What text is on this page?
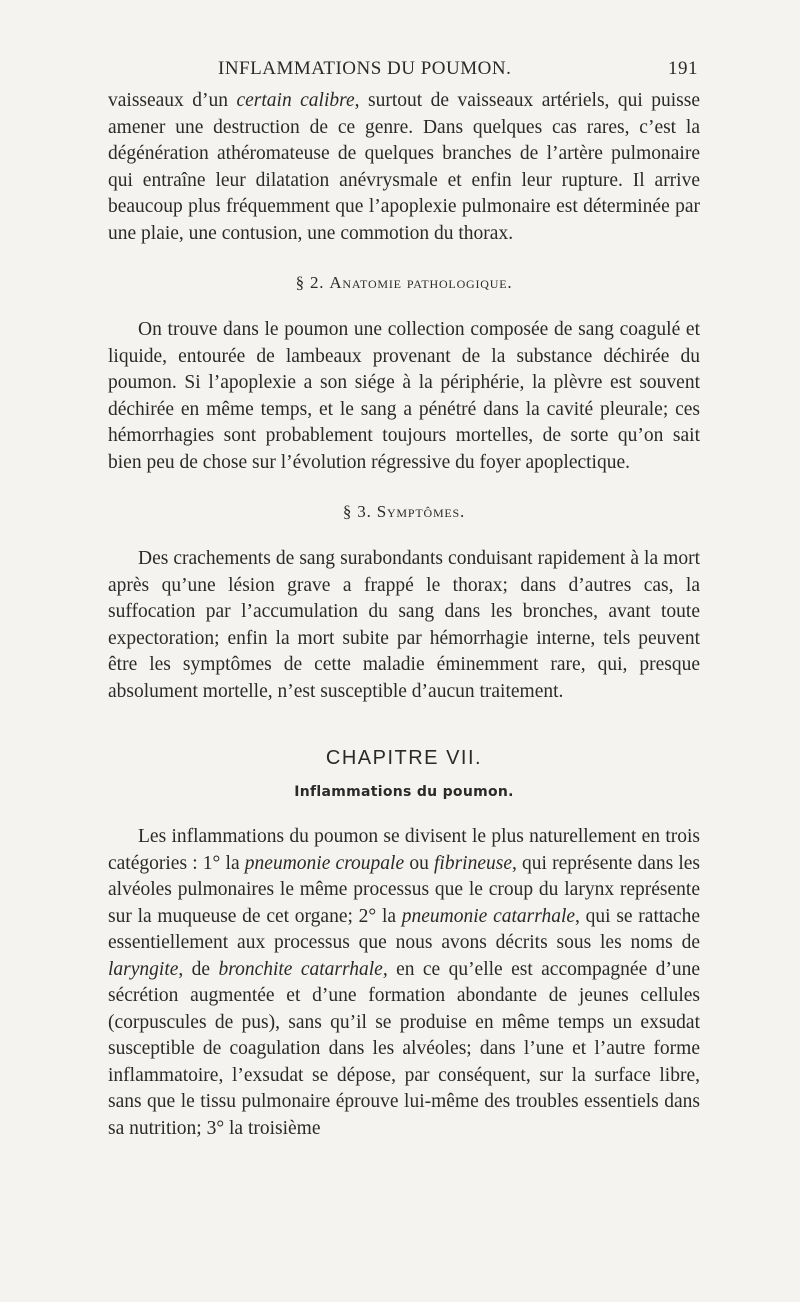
INFLAMMATIONS DU POUMON.	191

vaisseaux d’un certain calibre, surtout de vaisseaux artériels, qui puisse amener une destruction de ce genre. Dans quelques cas rares, c’est la dégénération athéromateuse de quelques branches de l’artère pulmonaire qui entraîne leur dilatation anévrysmale et enfin leur rupture. Il arrive beaucoup plus fréquemment que l’apoplexie pulmonaire est déterminée par une plaie, une contusion, une commotion du thorax.

§ 2. Anatomie pathologique.

On trouve dans le poumon une collection composée de sang coagulé et liquide, entourée de lambeaux provenant de la substance déchirée du poumon. Si l’apoplexie a son siége à la périphérie, la plèvre est souvent déchirée en même temps, et le sang a pénétré dans la cavité pleurale; ces hémorrhagies sont probablement toujours mortelles, de sorte qu’on sait bien peu de chose sur l’évolution régressive du foyer apoplectique.

§ 3. Symptômes.

Des crachements de sang surabondants conduisant rapidement à la mort après qu’une lésion grave a frappé le thorax; dans d’autres cas, la suffocation par l’accumulation du sang dans les bronches, avant toute expectoration; enfin la mort subite par hémorrhagie interne, tels peuvent être les symptômes de cette maladie éminemment rare, qui, presque absolument mortelle, n’est susceptible d’aucun traitement.

CHAPITRE VII.
Inflammations du poumon.

Les inflammations du poumon se divisent le plus naturellement en trois catégories : 1° la pneumonie croupale ou fibrineuse, qui représente dans les alvéoles pulmonaires le même processus que le croup du larynx représente sur la muqueuse de cet organe; 2° la pneumonie catarrhale, qui se rattache essentiellement aux processus que nous avons décrits sous les noms de laryngite, de bronchite catarrhale, en ce qu’elle est accompagnée d’une sécrétion augmentée et d’une formation abondante de jeunes cellules (corpuscules de pus), sans qu’il se produise en même temps un exsudat susceptible de coagulation dans les alvéoles; dans l’une et l’autre forme inflammatoire, l’exsudat se dépose, par conséquent, sur la surface libre, sans que le tissu pulmonaire éprouve lui-même des troubles essentiels dans sa nutrition; 3° la troisième
